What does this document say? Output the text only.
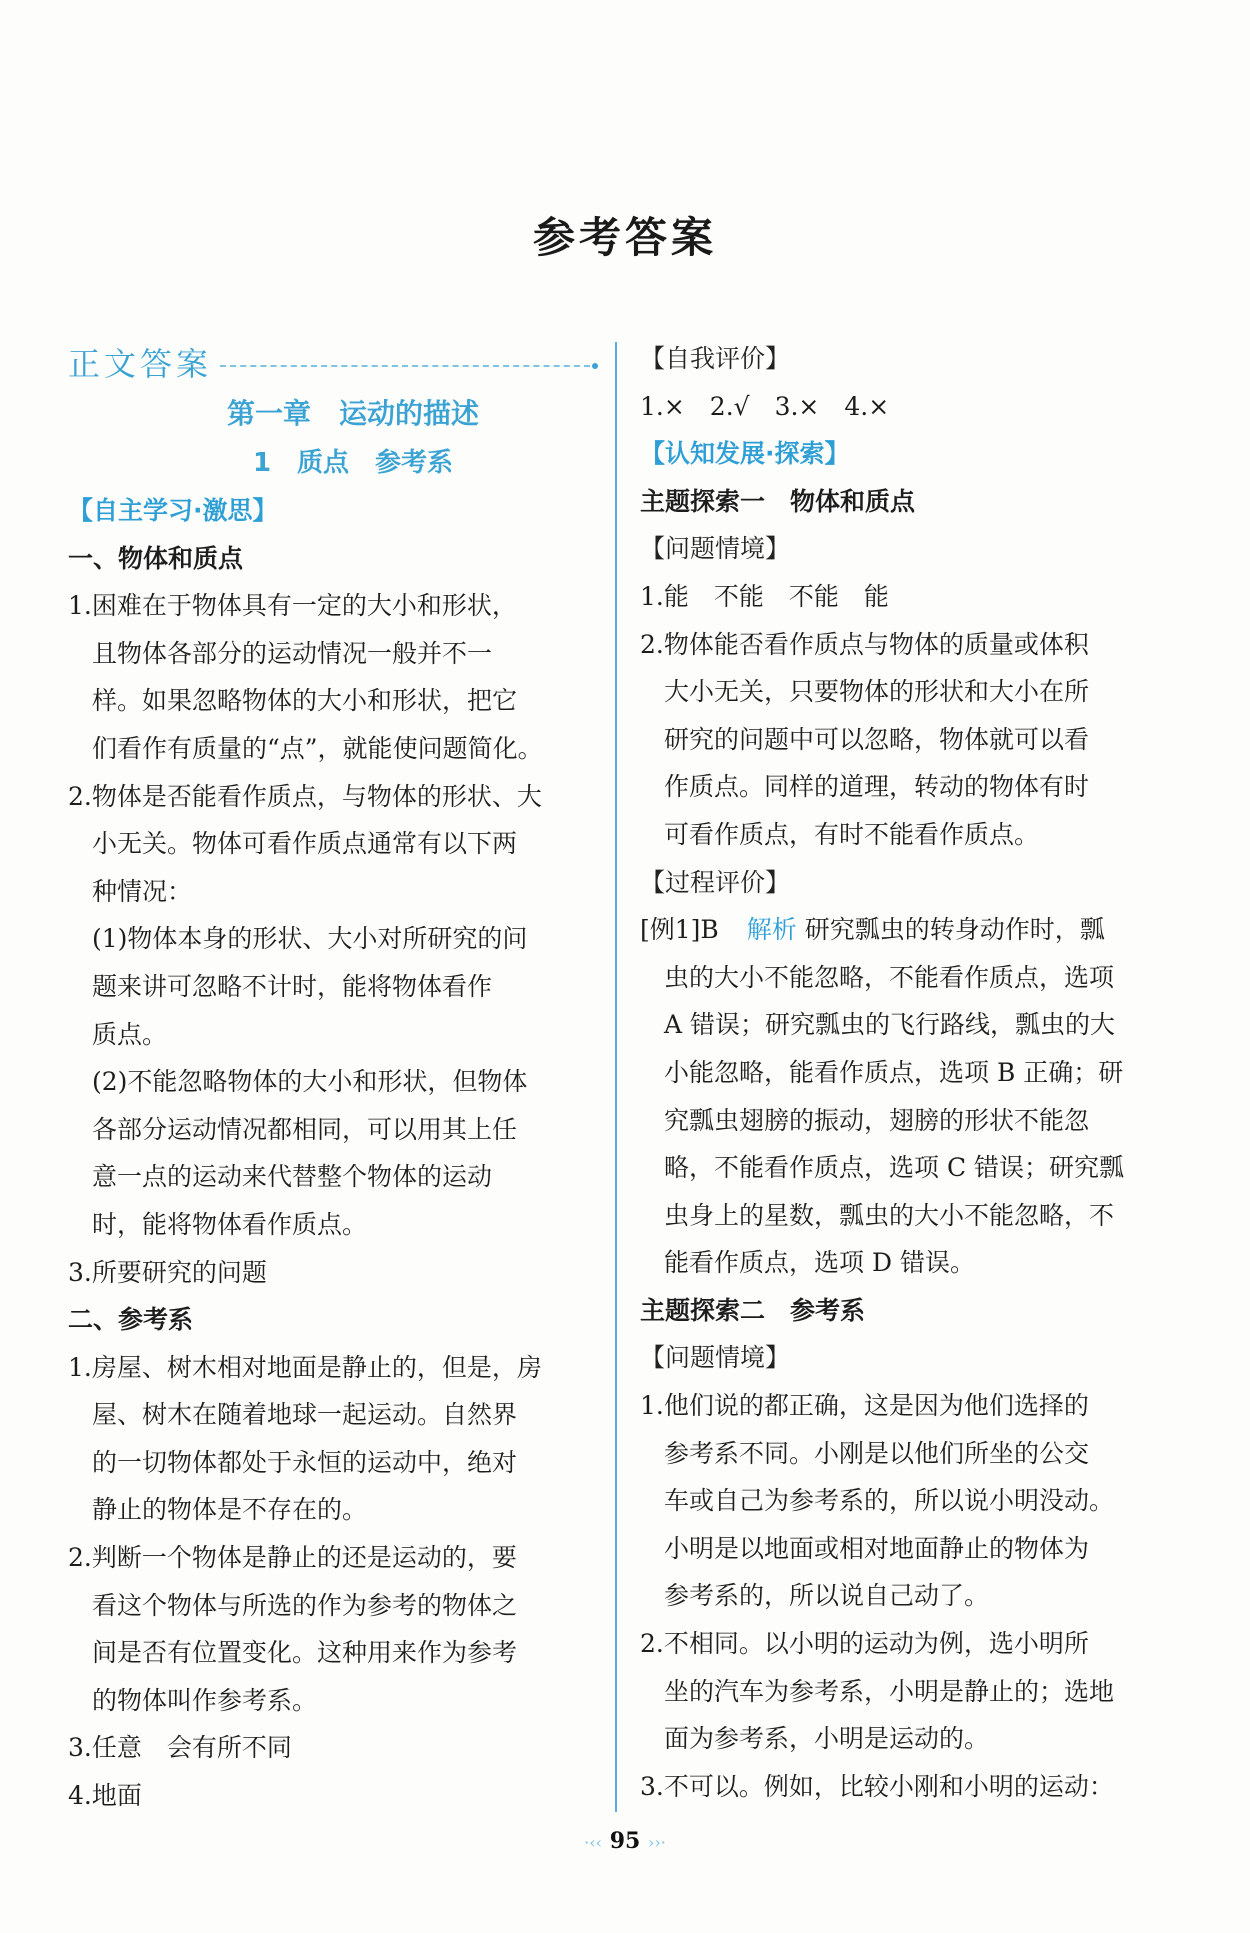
参考答案
正文答案
第一章　运动的描述
1　质点　参考系
【自主学习·激思】
一、物体和质点
1.困难在于物体具有一定的大小和形状，
且物体各部分的运动情况一般并不一
样。如果忽略物体的大小和形状，把它
们看作有质量的“点”，就能使问题简化。
2.物体是否能看作质点，与物体的形状、大
小无关。物体可看作质点通常有以下两
种情况：
(1)物体本身的形状、大小对所研究的问
题来讲可忽略不计时，能将物体看作
质点。
(2)不能忽略物体的大小和形状，但物体
各部分运动情况都相同，可以用其上任
意一点的运动来代替整个物体的运动
时，能将物体看作质点。
3.所要研究的问题
二、参考系
1.房屋、树木相对地面是静止的，但是，房
屋、树木在随着地球一起运动。自然界
的一切物体都处于永恒的运动中，绝对
静止的物体是不存在的。
2.判断一个物体是静止的还是运动的，要
看这个物体与所选的作为参考的物体之
间是否有位置变化。这种用来作为参考
的物体叫作参考系。
3.任意　会有所不同
4.地面
【自我评价】
1.×　2.√　3.×　4.×
【认知发展·探索】
主题探索一　物体和质点
【问题情境】
1.能　不能　不能　能
2.物体能否看作质点与物体的质量或体积
大小无关，只要物体的形状和大小在所
研究的问题中可以忽略，物体就可以看
作质点。同样的道理，转动的物体有时
可看作质点，有时不能看作质点。
【过程评价】
[例1]B 解析 研究瓢虫的转身动作时，瓢
虫的大小不能忽略，不能看作质点，选项
A 错误；研究瓢虫的飞行路线，瓢虫的大
小能忽略，能看作质点，选项 B 正确；研
究瓢虫翅膀的振动，翅膀的形状不能忽
略，不能看作质点，选项 C 错误；研究瓢
虫身上的星数，瓢虫的大小不能忽略，不
能看作质点，选项 D 错误。
主题探索二　参考系
【问题情境】
1.他们说的都正确，这是因为他们选择的
参考系不同。小刚是以他们所坐的公交
车或自己为参考系的，所以说小明没动。
小明是以地面或相对地面静止的物体为
参考系的，所以说自己动了。
2.不相同。以小明的运动为例，选小明所
坐的汽车为参考系，小明是静止的；选地
面为参考系，小明是运动的。
3.不可以。例如，比较小刚和小明的运动：
·‹‹ 95 ››·
